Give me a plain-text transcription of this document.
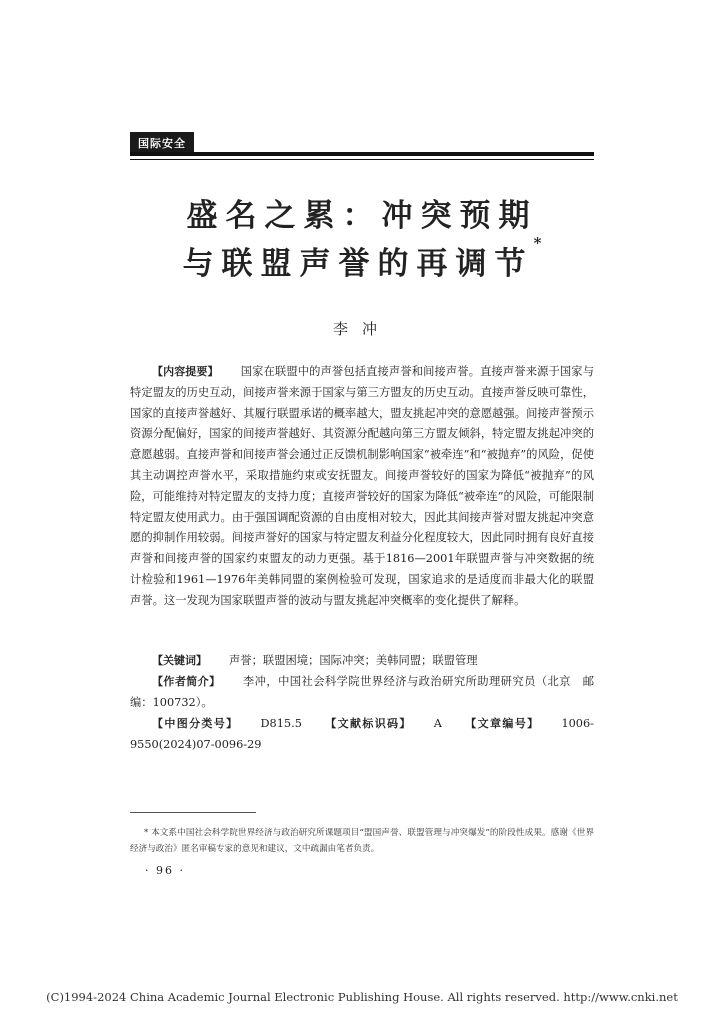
国际安全
盛名之累：冲突预期
与联盟声誉的再调节*
李冲

【内容提要】 国家在联盟中的声誉包括直接声誉和间接声誉。直接声誉来源于国家与特定盟友的历史互动，间接声誉来源于国家与第三方盟友的历史互动。直接声誉反映可靠性，国家的直接声誉越好、其履行联盟承诺的概率越大，盟友挑起冲突的意愿越强。间接声誉预示资源分配偏好，国家的间接声誉越好、其资源分配越向第三方盟友倾斜，特定盟友挑起冲突的意愿越弱。直接声誉和间接声誉会通过正反馈机制影响国家“被牵连”和“被抛弃”的风险，促使其主动调控声誉水平，采取措施约束或安抚盟友。间接声誉较好的国家为降低“被抛弃”的风险，可能维持对特定盟友的支持力度；直接声誉较好的国家为降低“被牵连”的风险，可能限制特定盟友使用武力。由于强国调配资源的自由度相对较大，因此其间接声誉对盟友挑起冲突意愿的抑制作用较弱。间接声誉好的国家与特定盟友利益分化程度较大，因此同时拥有良好直接声誉和间接声誉的国家约束盟友的动力更强。基于1816—2001年联盟声誉与冲突数据的统计检验和1961—1976年美韩同盟的案例检验可发现，国家追求的是适度而非最大化的联盟声誉。这一发现为国家联盟声誉的波动与盟友挑起冲突概率的变化提供了解释。

【关键词】 声誉；联盟困境；国际冲突；美韩同盟；联盟管理

【作者简介】 李冲，中国社会科学院世界经济与政治研究所助理研究员（北京　邮编：100732）。

【中图分类号】 D815.5 【文献标识码】 A 【文章编号】 1006-9550(2024)07-0096-29

* 本文系中国社会科学院世界经济与政治研究所课题项目“盟国声誉、联盟管理与冲突爆发”的阶段性成果。感谢《世界经济与政治》匿名审稿专家的意见和建议，文中疏漏由笔者负责。

· 96 ·
(C)1994-2024 China Academic Journal Electronic Publishing House. All rights reserved. http://www.cnki.net
